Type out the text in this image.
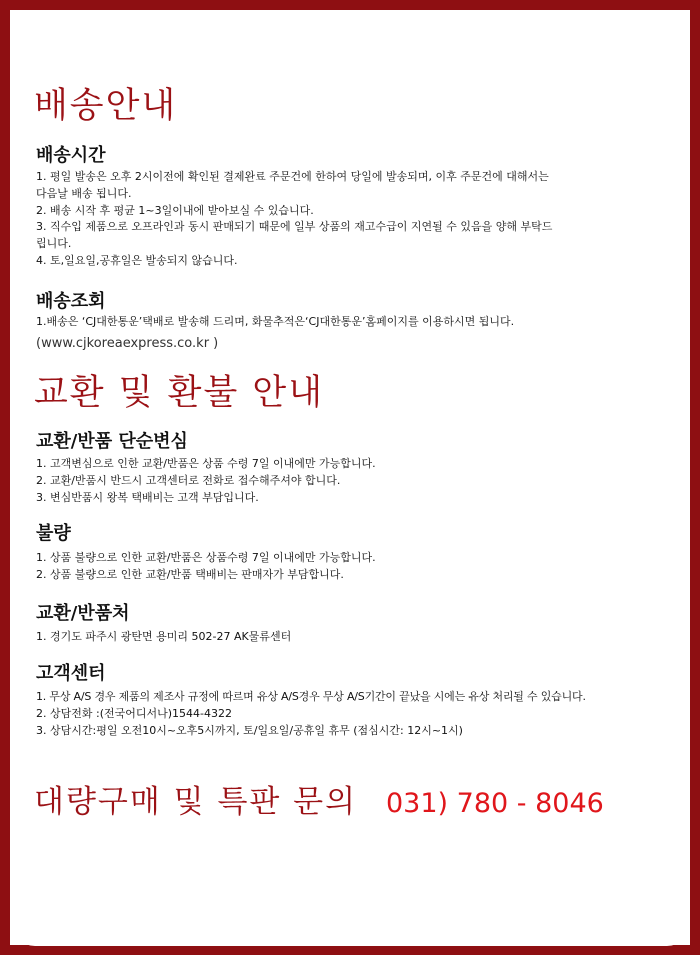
배송안내
배송시간
1. 평일 발송은 오후 2시이전에 확인된 결제완료 주문건에 한하여 당일에 발송되며, 이후 주문건에 대해서는
다음날 배송 됩니다.
2. 배송 시작 후 평균 1~3일이내에 받아보실 수 있습니다.
3. 직수입 제품으로 오프라인과 동시 판매되기 때문에 일부 상품의 재고수급이 지연될 수 있음을 양해 부탁드
립니다.
4. 토,일요일,공휴일은 발송되지 않습니다.
배송조회
1.배송은 ‘CJ대한통운’택배로 발송해 드리며, 화물추적은‘CJ대한통운’홈페이지를 이용하시면 됩니다.
(www.cjkoreaexpress.co.kr )
교환 및 환불 안내
교환/반품 단순변심
1. 고객변심으로 인한 교환/반품은 상품 수령 7일 이내에만 가능합니다.
2. 교환/반품시 반드시 고객센터로 전화로 접수해주셔야 합니다.
3. 변심반품시 왕복 택배비는 고객 부담입니다.
불량
1. 상품 불량으로 인한 교환/반품은 상품수령 7일 이내에만 가능합니다.
2. 상품 불량으로 인한 교환/반품 택배비는 판매자가 부담합니다.
교환/반품처
1. 경기도 파주시 광탄면 용미리 502-27 AK물류센터
고객센터
1. 무상 A/S 경우 제품의 제조사 규정에 따르며 유상 A/S경우 무상 A/S기간이 끝났을 시에는 유상 처리될 수 있습니다.
2. 상담전화 :(전국어디서나)1544-4322
3. 상담시간:평일 오전10시~오후5시까지, 토/일요일/공휴일 휴무 (점심시간: 12시~1시)
대량구매 및 특판 문의 031) 780 - 8046
